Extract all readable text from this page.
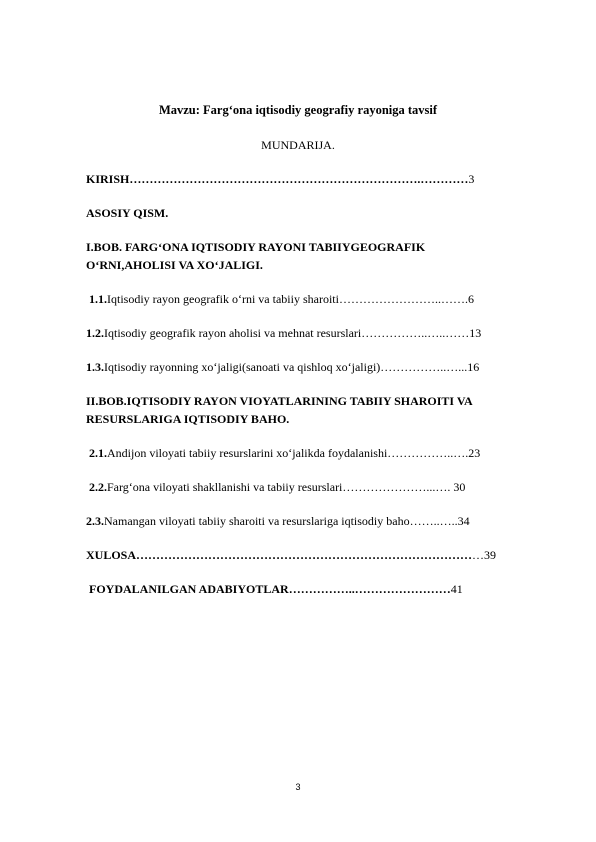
Mavzu: Farg‘ona iqtisodiy geografiy rayoniga tavsif
MUNDARIJA.
KIRISH……………………………………………………………….…………3
ASOSIY QISM.
I.BOB. FARG‘ONA IQTISODIY RAYONI TABIIYGEOGRAFIK
O‘RNI,AHOLISI VA XO‘JALIGI.
1.1.Iqtisodiy rayon geografik o‘rni va tabiiy sharoiti……………………..…….6
1.2.Iqtisodiy geografik rayon aholisi va mehnat resurslari……………..…..……13
1.3.Iqtisodiy rayonning xo‘jaligi(sanoati va qishloq xo‘jaligi)……………..…...16
II.BOB.IQTISODIY RAYON VIOYATLARINING TABIIY SHAROITI VA
RESURSLARIGA IQTISODIY BAHO.
2.1.Andijon viloyati tabiiy resurslarini xo‘jalikda foydalanishi……………..….23
2.2.Farg‘ona viloyati shakllanishi va tabiiy resurslari…………………...…. 30
2.3.Namangan viloyati tabiiy sharoiti va resurslariga iqtisodiy baho……..…..34
XULOSA……………………………………………………………………………39
FOYDALANILGAN ADABIYOTLAR……………..……………………41
3
